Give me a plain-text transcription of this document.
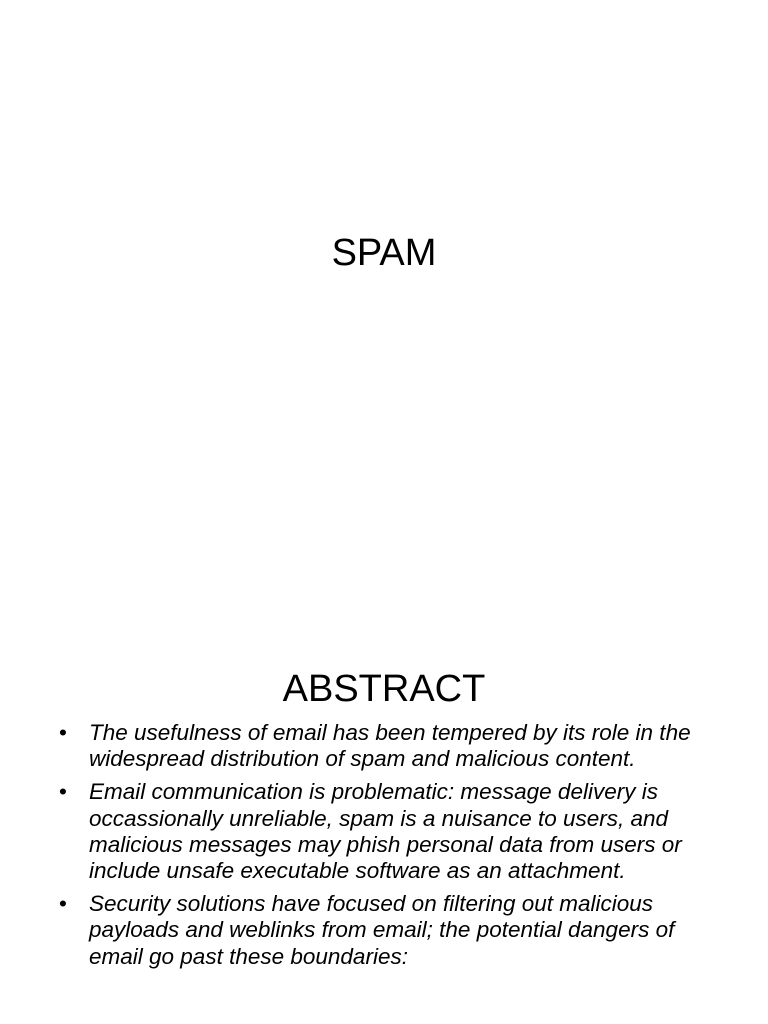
SPAM
ABSTRACT
• The usefulness of email has been tempered by its role in the widespread distribution of spam and malicious content.
• Email communication is problematic: message delivery is occassionally unreliable, spam is a nuisance to users, and malicious messages may phish personal data from users or include unsafe executable software as an attachment.
• Security solutions have focused on filtering out malicious payloads and weblinks from email; the potential dangers of email go past these boundaries:
